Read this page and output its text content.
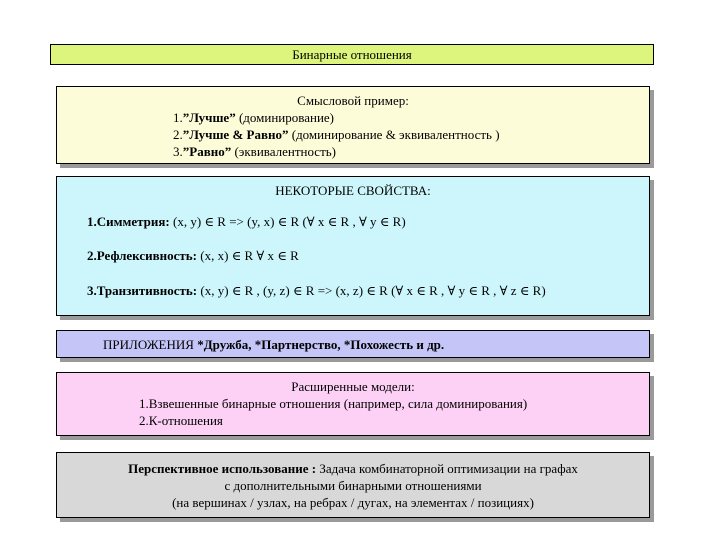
Бинарные отношения
Смысловой пример:
1.”Лучше” (доминирование)
2.”Лучше & Равно” (доминирование & эквивалентность )
3.”Равно” (эквивалентность)
НЕКОТОРЫЕ СВОЙСТВА:
1.Симметрия: (x, y) ∈ R => (y, x) ∈ R (∀ x ∈ R , ∀ y ∈ R)
2.Рефлексивность: (x, x) ∈ R ∀ x ∈ R
3.Транзитивность: (x, y) ∈ R , (y, z) ∈ R => (x, z) ∈ R (∀ x ∈ R , ∀ y ∈ R , ∀ z ∈ R)
ПРИЛОЖЕНИЯ *Дружба, *Партнерство, *Похожесть и др.
Расширенные модели:
1.Взвешенные бинарные отношения (например, сила доминирования)
2.К-отношения
Перспективное использование : Задача комбинаторной оптимизации на графах
с дополнительными бинарными отношениями
(на вершинах / узлах, на ребрах / дугах, на элементах / позициях)
